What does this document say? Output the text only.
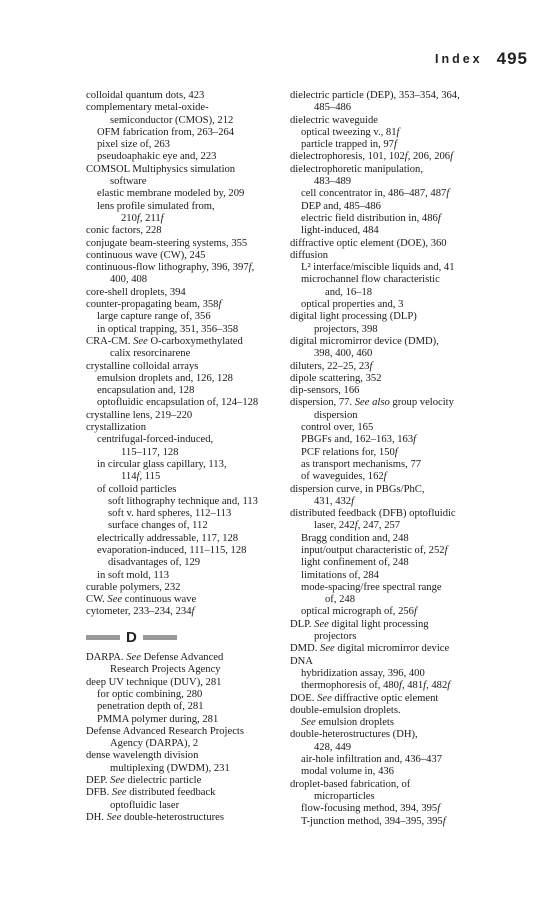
Index 495
colloidal quantum dots, 423
complementary metal-oxide-
semiconductor (CMOS), 212
OFM fabrication from, 263–264
pixel size of, 263
pseudoaphakic eye and, 223
COMSOL Multiphysics simulation
software
elastic membrane modeled by, 209
lens profile simulated from,
210f, 211f
conic factors, 228
conjugate beam-steering systems, 355
continuous wave (CW), 245
continuous-flow lithography, 396, 397f,
400, 408
core-shell droplets, 394
counter-propagating beam, 358f
large capture range of, 356
in optical trapping, 351, 356–358
CRA-CM. See O-carboxymethylated
calix resorcinarene
crystalline colloidal arrays
emulsion droplets and, 126, 128
encapsulation and, 128
optofluidic encapsulation of, 124–128
crystalline lens, 219–220
crystallization
centrifugal-forced-induced,
115–117, 128
in circular glass capillary, 113,
114f, 115
of colloid particles
soft lithography technique and, 113
soft v. hard spheres, 112–113
surface changes of, 112
electrically addressable, 117, 128
evaporation-induced, 111–115, 128
disadvantages of, 129
in soft mold, 113
curable polymers, 232
CW. See continuous wave
cytometer, 233–234, 234f
D
DARPA. See Defense Advanced
Research Projects Agency
deep UV technique (DUV), 281
for optic combining, 280
penetration depth of, 281
PMMA polymer during, 281
Defense Advanced Research Projects
Agency (DARPA), 2
dense wavelength division
multiplexing (DWDM), 231
DEP. See dielectric particle
DFB. See distributed feedback
optofluidic laser
DH. See double-heterostructures
dielectric particle (DEP), 353–354, 364,
485–486
dielectric waveguide
optical tweezing v., 81f
particle trapped in, 97f
dielectrophoresis, 101, 102f, 206, 206f
dielectrophoretic manipulation,
483–489
cell concentrator in, 486–487, 487f
DEP and, 485–486
electric field distribution in, 486f
light-induced, 484
diffractive optic element (DOE), 360
diffusion
L² interface/miscible liquids and, 41
microchannel flow characteristic
and, 16–18
optical properties and, 3
digital light processing (DLP)
projectors, 398
digital micromirror device (DMD),
398, 400, 460
diluters, 22–25, 23f
dipole scattering, 352
dip-sensors, 166
dispersion, 77. See also group velocity
dispersion
control over, 165
PBGFs and, 162–163, 163f
PCF relations for, 150f
as transport mechanisms, 77
of waveguides, 162f
dispersion curve, in PBGs/PhC,
431, 432f
distributed feedback (DFB) optofluidic
laser, 242f, 247, 257
Bragg condition and, 248
input/output characteristic of, 252f
light confinement of, 248
limitations of, 284
mode-spacing/free spectral range
of, 248
optical micrograph of, 256f
DLP. See digital light processing
projectors
DMD. See digital micromirror device
DNA
hybridization assay, 396, 400
thermophoresis of, 480f, 481f, 482f
DOE. See diffractive optic element
double-emulsion droplets.
See emulsion droplets
double-heterostructures (DH),
428, 449
air-hole infiltration and, 436–437
modal volume in, 436
droplet-based fabrication, of
microparticles
flow-focusing method, 394, 395f
T-junction method, 394–395, 395f
